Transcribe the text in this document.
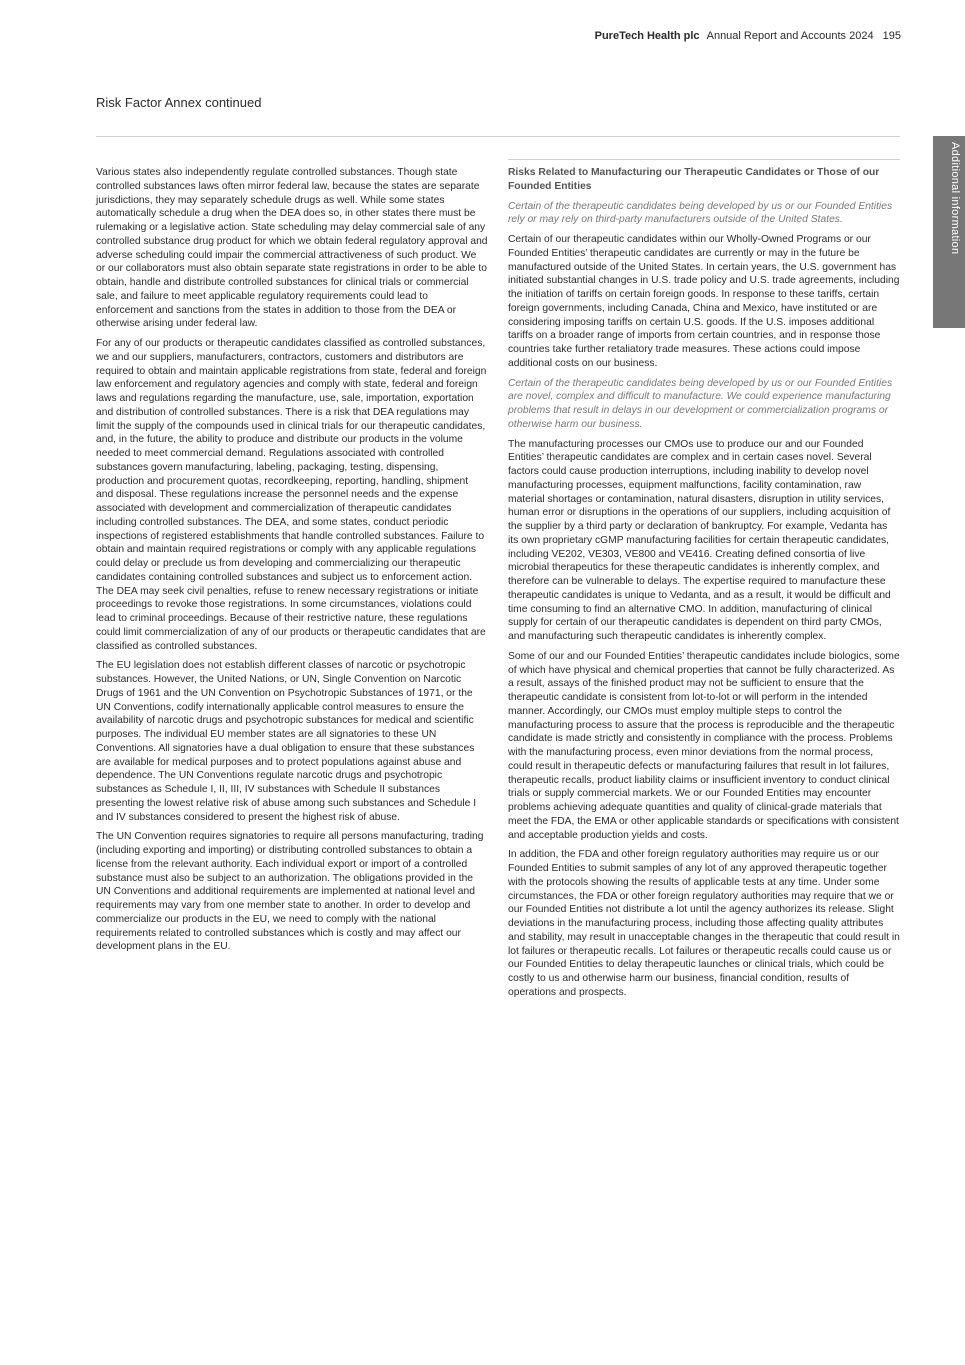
PureTech Health plc Annual Report and Accounts 2024 195
Risk Factor Annex continued
Additional information

Various states also independently regulate controlled substances. Though state controlled substances laws often mirror federal law, because the states are separate jurisdictions, they may separately schedule drugs as well. While some states automatically schedule a drug when the DEA does so, in other states there must be rulemaking or a legislative action. State scheduling may delay commercial sale of any controlled substance drug product for which we obtain federal regulatory approval and adverse scheduling could impair the commercial attractiveness of such product. We or our collaborators must also obtain separate state registrations in order to be able to obtain, handle and distribute controlled substances for clinical trials or commercial sale, and failure to meet applicable regulatory requirements could lead to enforcement and sanctions from the states in addition to those from the DEA or otherwise arising under federal law.

For any of our products or therapeutic candidates classified as controlled substances, we and our suppliers, manufacturers, contractors, customers and distributors are required to obtain and maintain applicable registrations from state, federal and foreign law enforcement and regulatory agencies and comply with state, federal and foreign laws and regulations regarding the manufacture, use, sale, importation, exportation and distribution of controlled substances. There is a risk that DEA regulations may limit the supply of the compounds used in clinical trials for our therapeutic candidates, and, in the future, the ability to produce and distribute our products in the volume needed to meet commercial demand. Regulations associated with controlled substances govern manufacturing, labeling, packaging, testing, dispensing, production and procurement quotas, recordkeeping, reporting, handling, shipment and disposal. These regulations increase the personnel needs and the expense associated with development and commercialization of therapeutic candidates including controlled substances. The DEA, and some states, conduct periodic inspections of registered establishments that handle controlled substances. Failure to obtain and maintain required registrations or comply with any applicable regulations could delay or preclude us from developing and commercializing our therapeutic candidates containing controlled substances and subject us to enforcement action. The DEA may seek civil penalties, refuse to renew necessary registrations or initiate proceedings to revoke those registrations. In some circumstances, violations could lead to criminal proceedings. Because of their restrictive nature, these regulations could limit commercialization of any of our products or therapeutic candidates that are classified as controlled substances.

The EU legislation does not establish different classes of narcotic or psychotropic substances. However, the United Nations, or UN, Single Convention on Narcotic Drugs of 1961 and the UN Convention on Psychotropic Substances of 1971, or the UN Conventions, codify internationally applicable control measures to ensure the availability of narcotic drugs and psychotropic substances for medical and scientific purposes. The individual EU member states are all signatories to these UN Conventions. All signatories have a dual obligation to ensure that these substances are available for medical purposes and to protect populations against abuse and dependence. The UN Conventions regulate narcotic drugs and psychotropic substances as Schedule I, II, III, IV substances with Schedule II substances presenting the lowest relative risk of abuse among such substances and Schedule I and IV substances considered to present the highest risk of abuse.

The UN Convention requires signatories to require all persons manufacturing, trading (including exporting and importing) or distributing controlled substances to obtain a license from the relevant authority. Each individual export or import of a controlled substance must also be subject to an authorization. The obligations provided in the UN Conventions and additional requirements are implemented at national level and requirements may vary from one member state to another. In order to develop and commercialize our products in the EU, we need to comply with the national requirements related to controlled substances which is costly and may affect our development plans in the EU.

Risks Related to Manufacturing our Therapeutic Candidates or Those of our Founded Entities

Certain of the therapeutic candidates being developed by us or our Founded Entities rely or may rely on third-party manufacturers outside of the United States.

Certain of our therapeutic candidates within our Wholly-Owned Programs or our Founded Entities’ therapeutic candidates are currently or may in the future be manufactured outside of the United States. In certain years, the U.S. government has initiated substantial changes in U.S. trade policy and U.S. trade agreements, including the initiation of tariffs on certain foreign goods. In response to these tariffs, certain foreign governments, including Canada, China and Mexico, have instituted or are considering imposing tariffs on certain U.S. goods. If the U.S. imposes additional tariffs on a broader range of imports from certain countries, and in response those countries take further retaliatory trade measures. These actions could impose additional costs on our business.

Certain of the therapeutic candidates being developed by us or our Founded Entities are novel, complex and difficult to manufacture. We could experience manufacturing problems that result in delays in our development or commercialization programs or otherwise harm our business.

The manufacturing processes our CMOs use to produce our and our Founded Entities’ therapeutic candidates are complex and in certain cases novel. Several factors could cause production interruptions, including inability to develop novel manufacturing processes, equipment malfunctions, facility contamination, raw material shortages or contamination, natural disasters, disruption in utility services, human error or disruptions in the operations of our suppliers, including acquisition of the supplier by a third party or declaration of bankruptcy. For example, Vedanta has its own proprietary cGMP manufacturing facilities for certain therapeutic candidates, including VE202, VE303, VE800 and VE416. Creating defined consortia of live microbial therapeutics for these therapeutic candidates is inherently complex, and therefore can be vulnerable to delays. The expertise required to manufacture these therapeutic candidates is unique to Vedanta, and as a result, it would be difficult and time consuming to find an alternative CMO. In addition, manufacturing of clinical supply for certain of our therapeutic candidates is dependent on third party CMOs, and manufacturing such therapeutic candidates is inherently complex.

Some of our and our Founded Entities’ therapeutic candidates include biologics, some of which have physical and chemical properties that cannot be fully characterized. As a result, assays of the finished product may not be sufficient to ensure that the therapeutic candidate is consistent from lot-to-lot or will perform in the intended manner. Accordingly, our CMOs must employ multiple steps to control the manufacturing process to assure that the process is reproducible and the therapeutic candidate is made strictly and consistently in compliance with the process. Problems with the manufacturing process, even minor deviations from the normal process, could result in therapeutic defects or manufacturing failures that result in lot failures, therapeutic recalls, product liability claims or insufficient inventory to conduct clinical trials or supply commercial markets. We or our Founded Entities may encounter problems achieving adequate quantities and quality of clinical-grade materials that meet the FDA, the EMA or other applicable standards or specifications with consistent and acceptable production yields and costs.

In addition, the FDA and other foreign regulatory authorities may require us or our Founded Entities to submit samples of any lot of any approved therapeutic together with the protocols showing the results of applicable tests at any time. Under some circumstances, the FDA or other foreign regulatory authorities may require that we or our Founded Entities not distribute a lot until the agency authorizes its release. Slight deviations in the manufacturing process, including those affecting quality attributes and stability, may result in unacceptable changes in the therapeutic that could result in lot failures or therapeutic recalls. Lot failures or therapeutic recalls could cause us or our Founded Entities to delay therapeutic launches or clinical trials, which could be costly to us and otherwise harm our business, financial condition, results of operations and prospects.
